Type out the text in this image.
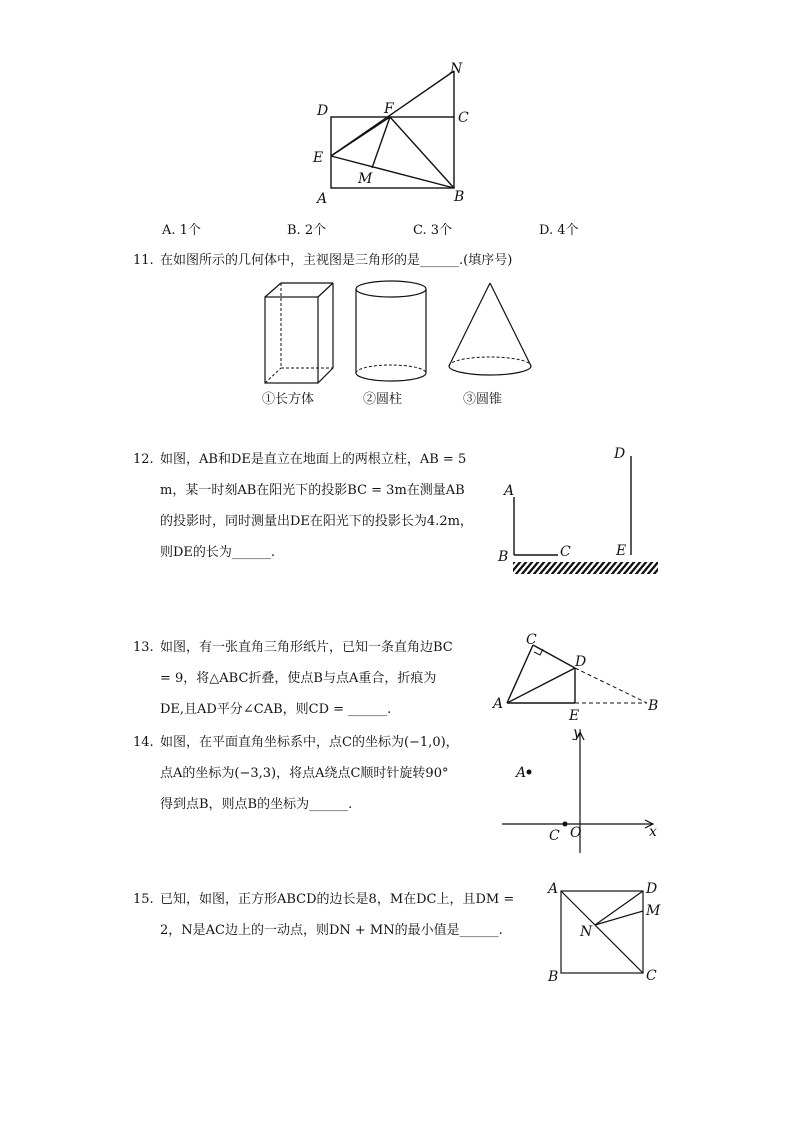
N
D	F
C
E
M
A	B
A. 1个	B. 2个	C. 3个	D. 4个
11. 在如图所示的几何体中，主视图是三角形的是______.(填序号)
①长方体	②圆柱	③圆锥
12. 如图，AB和DE是直立在地面上的两根立柱，AB = 5
m，某一时刻AB在阳光下的投影BC = 3m在测量AB
的投影时，同时测量出DE在阳光下的投影长为4.2m，
则DE的长为______.
D
A
B	C	E
13. 如图，有一张直角三角形纸片，已知一条直角边BC
= 9，将△ABC折叠，使点B与点A重合，折痕为
DE,且AD平分∠CAB，则CD = ______.
C
D
A
E
B
14. 如图，在平面直角坐标系中，点C的坐标为(−1,0)，
点A的坐标为(−3,3)，将点A绕点C顺时针旋转90°
得到点B，则点B的坐标为______.
y
A
C O	x
15. 已知，如图，正方形ABCD的边长是8，M在DC上，且DM =
2，N是AC边上的一动点，则DN + MN的最小值是______.
A	D
M
N
B	C
